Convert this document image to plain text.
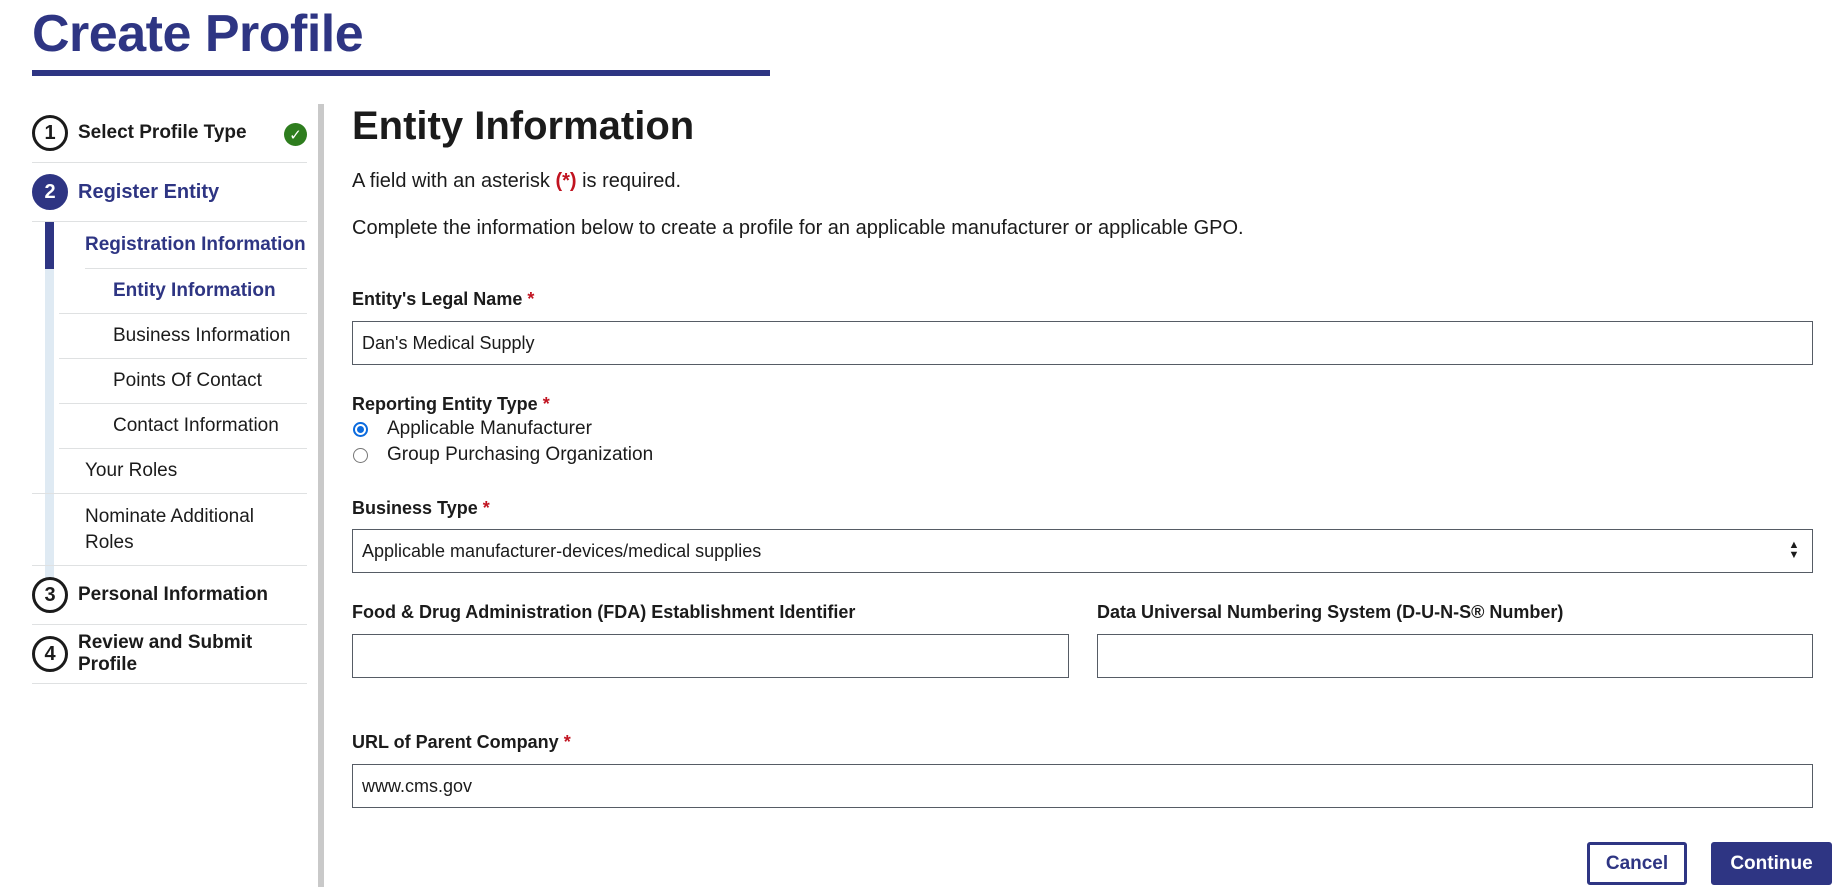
Create Profile
1	Select Profile Type	✓
2	Register Entity
Registration Information
Entity Information
Business Information
Points Of Contact
Contact Information
Your Roles
Nominate Additional Roles
3	Personal Information
4	Review and Submit Profile
Entity Information

A field with an asterisk (*) is required.

Complete the information below to create a profile for an applicable manufacturer or applicable GPO.

Entity's Legal Name *
Dan's Medical Supply
Reporting Entity Type *
Applicable Manufacturer
Group Purchasing Organization
Business Type *
Applicable manufacturer-devices/medical supplies	▲
▼
Food & Drug Administration (FDA) Establishment Identifier	Data Universal Numbering System (D-U-N-S® Number)
URL of Parent Company *
www.cms.gov
Cancel	Continue
